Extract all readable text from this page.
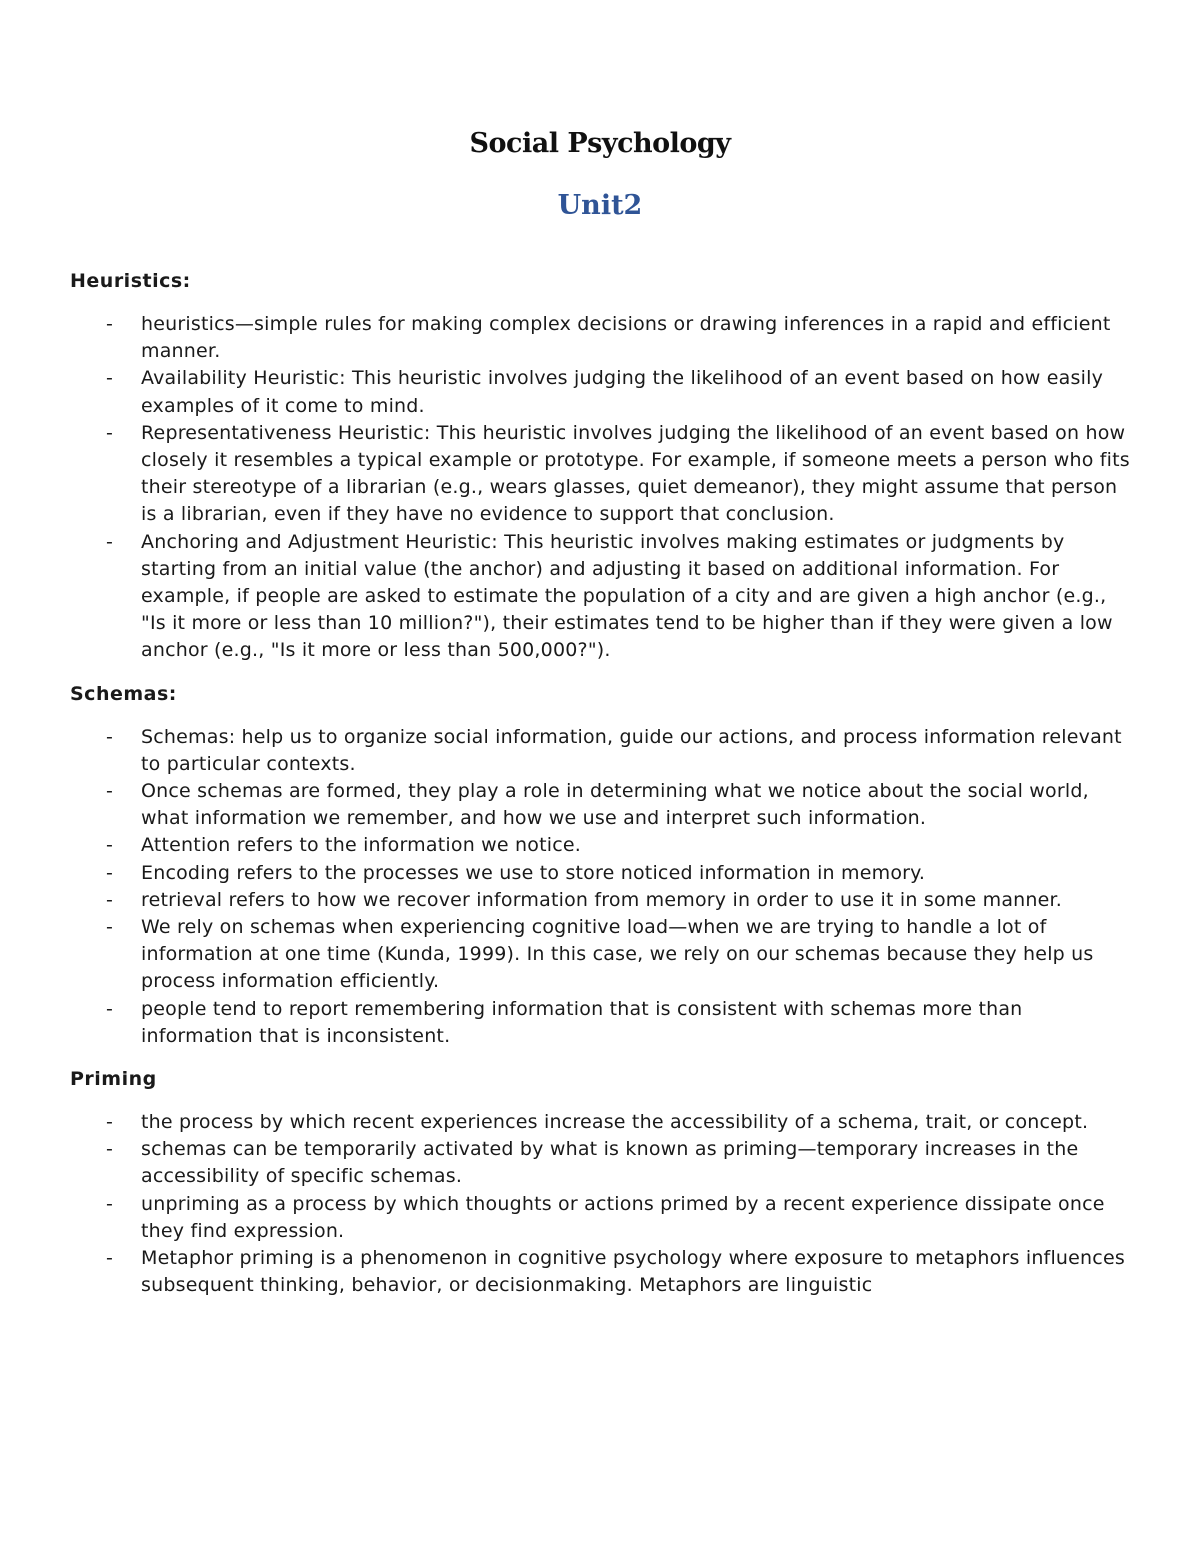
Social Psychology
Unit2
Heuristics:
- heuristics—simple rules for making complex decisions or drawing inferences in a rapid and efficient manner.
- Availability Heuristic: This heuristic involves judging the likelihood of an event based on how easily examples of it come to mind.
- Representativeness Heuristic: This heuristic involves judging the likelihood of an event based on how closely it resembles a typical example or prototype. For example, if someone meets a person who fits their stereotype of a librarian (e.g., wears glasses, quiet demeanor), they might assume that person is a librarian, even if they have no evidence to support that conclusion.
- Anchoring and Adjustment Heuristic: This heuristic involves making estimates or judgments by starting from an initial value (the anchor) and adjusting it based on additional information. For example, if people are asked to estimate the population of a city and are given a high anchor (e.g., "Is it more or less than 10 million?"), their estimates tend to be higher than if they were given a low anchor (e.g., "Is it more or less than 500,000?").
Schemas:
- Schemas: help us to organize social information, guide our actions, and process information relevant to particular contexts.
- Once schemas are formed, they play a role in determining what we notice about the social world, what information we remember, and how we use and interpret such information.
- Attention refers to the information we notice.
- Encoding refers to the processes we use to store noticed information in memory.
- retrieval refers to how we recover information from memory in order to use it in some manner.
- We rely on schemas when experiencing cognitive load—when we are trying to handle a lot of information at one time (Kunda, 1999). In this case, we rely on our schemas because they help us process information efficiently.
- people tend to report remembering information that is consistent with schemas more than information that is inconsistent.
Priming
- the process by which recent experiences increase the accessibility of a schema, trait, or concept.
- schemas can be temporarily activated by what is known as priming—temporary increases in the accessibility of specific schemas.
- unpriming as a process by which thoughts or actions primed by a recent experience dissipate once they find expression.
- Metaphor priming is a phenomenon in cognitive psychology where exposure to metaphors influences subsequent thinking, behavior, or decisionmaking. Metaphors are linguistic
